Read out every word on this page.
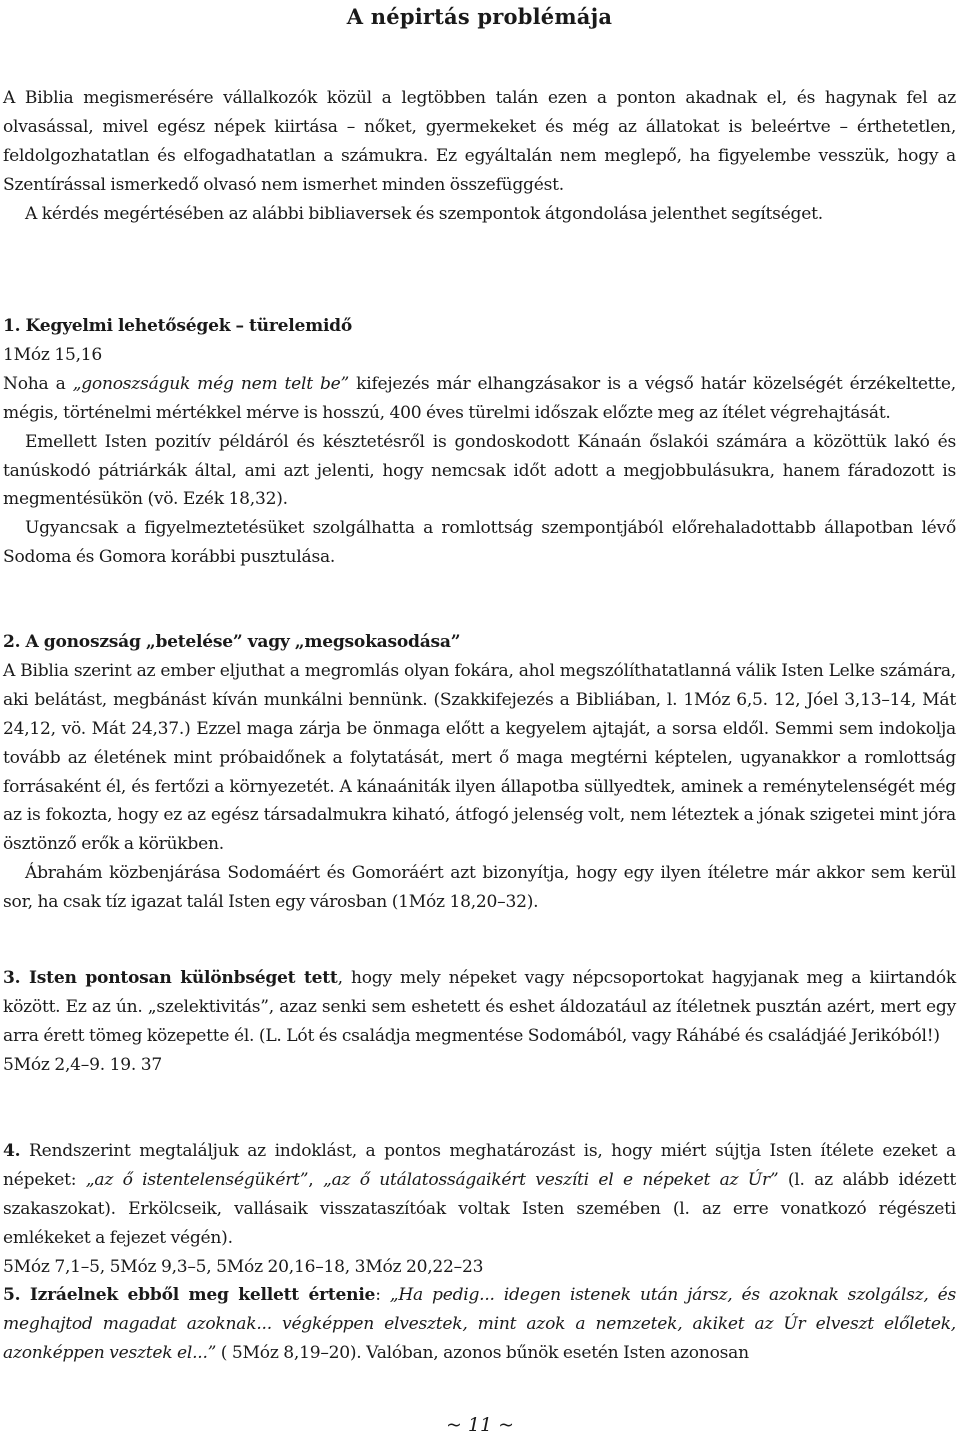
A népirtás problémája

A Biblia megismerésére vállalkozók közül a legtöbben talán ezen a ponton akadnak el, és hagynak fel az olvasással, mivel egész népek kiirtása – nőket, gyermekeket és még az állatokat is beleértve – érthetetlen, feldolgozhatatlan és elfogadhatatlan a számukra. Ez egyáltalán nem meglepő, ha figyelembe vesszük, hogy a Szentírással ismerkedő olvasó nem ismerhet minden összefüggést.

A kérdés megértésében az alábbi bibliaversek és szempontok átgondolása jelenthet segítséget.

1. Kegyelmi lehetőségek – türelemidő

1Móz 15,16

Noha a „gonoszságuk még nem telt be” kifejezés már elhangzásakor is a végső határ közelségét érzékeltette, mégis, történelmi mértékkel mérve is hosszú, 400 éves türelmi időszak előzte meg az ítélet végrehajtását.

Emellett Isten pozitív példáról és késztetésről is gondoskodott Kánaán őslakói számára a közöttük lakó és tanúskodó pátriárkák által, ami azt jelenti, hogy nemcsak időt adott a megjobbulásukra, hanem fáradozott is megmentésükön (vö. Ezék 18,32).

Ugyancsak a figyelmeztetésüket szolgálhatta a romlottság szempontjából előrehaladottabb állapotban lévő Sodoma és Gomora korábbi pusztulása.

2. A gonoszság „betelése” vagy „megsokasodása”

A Biblia szerint az ember eljuthat a megromlás olyan fokára, ahol megszólíthatatlanná válik Isten Lelke számára, aki belátást, megbánást kíván munkálni bennünk. (Szakkifejezés a Bibliában, l. 1Móz 6,5. 12, Jóel 3,13–14, Mát 24,12, vö. Mát 24,37.) Ezzel maga zárja be önmaga előtt a kegyelem ajtaját, a sorsa eldől. Semmi sem indokolja tovább az életének mint próbaidőnek a folytatását, mert ő maga megtérni képtelen, ugyanakkor a romlottság forrásaként él, és fertőzi a környezetét. A kánaániták ilyen állapotba süllyedtek, aminek a reménytelenségét még az is fokozta, hogy ez az egész társadalmukra kiható, átfogó jelenség volt, nem léteztek a jónak szigetei mint jóra ösztönző erők a körükben.

Ábrahám közbenjárása Sodomáért és Gomoráért azt bizonyítja, hogy egy ilyen ítéletre már akkor sem kerül sor, ha csak tíz igazat talál Isten egy városban (1Móz 18,20–32).

3. Isten pontosan különbséget tett, hogy mely népeket vagy népcsoportokat hagyjanak meg a kiirtandók között. Ez az ún. „szelektivitás”, azaz senki sem eshetett és eshet áldozatául az ítéletnek pusztán azért, mert egy arra érett tömeg közepette él. (L. Lót és családja megmentése Sodomából, vagy Ráhábé és családjáé Jerikóból!)

5Móz 2,4–9. 19. 37

4. Rendszerint megtaláljuk az indoklást, a pontos meghatározást is, hogy miért sújtja Isten ítélete ezeket a népeket: „az ő istentelenségükért”, „az ő utálatosságaikért veszíti el e népeket az Úr” (l. az alább idézett szakaszokat). Erkölcseik, vallásaik visszataszítóak voltak Isten szemében (l. az erre vonatkozó régészeti emlékeket a fejezet végén).

5Móz 7,1–5, 5Móz 9,3–5, 5Móz 20,16–18, 3Móz 20,22–23

5. Izráelnek ebből meg kellett értenie: „Ha pedig... idegen istenek után jársz, és azoknak szolgálsz, és meghajtod magadat azoknak... végképpen elvesztek, mint azok a nemzetek, akiket az Úr elveszt előletek, azonképpen vesztek el...” ( 5Móz 8,19–20). Valóban, azonos bűnök esetén Isten azonosan

~ 11 ~
